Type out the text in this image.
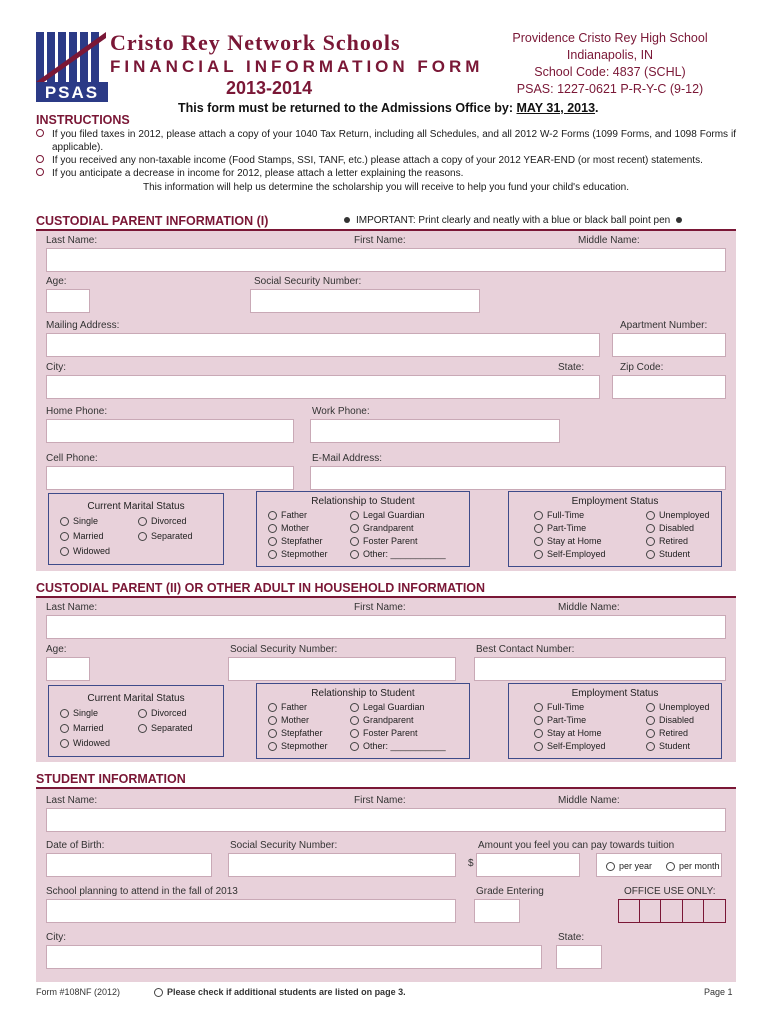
PSAS
Cristo Rey Network Schools
FINANCIAL INFORMATION FORM
2013-2014
Providence Cristo Rey High School
Indianapolis, IN
School Code: 4837 (SCHL)
PSAS: 1227-0621 P-R-Y-C (9-12)
This form must be returned to the Admissions Office by: MAY 31, 2013.
INSTRUCTIONS
If you filed taxes in 2012, please attach a copy of your 1040 Tax Return, including all Schedules, and all 2012 W-2 Forms (1099 Forms, and 1098 Forms if applicable).
If you received any non-taxable income (Food Stamps, SSI, TANF, etc.) please attach a copy of your 2012 YEAR-END (or most recent) statements.
If you anticipate a decrease in income for 2012, please attach a letter explaining the reasons.
This information will help us determine the scholarship you will receive to help you fund your child's education.
CUSTODIAL PARENT INFORMATION (I)	IMPORTANT: Print clearly and neatly with a blue or black ball point pen
Last Name:	First Name:	Middle Name:
Age:	Social Security Number:
Mailing Address:	Apartment Number:
City:	State:	Zip Code:
Home Phone:	Work Phone:
Cell Phone:	E-Mail Address:
Current Marital Status
Single	Divorced
Married	Separated
Widowed
Relationship to Student
Father	Legal Guardian
Mother	Grandparent
Stepfather	Foster Parent
Stepmother	Other: ___________
Employment Status
Full-Time	Unemployed
Part-Time	Disabled
Stay at Home	Retired
Self-Employed	Student
CUSTODIAL PARENT (II) OR OTHER ADULT IN HOUSEHOLD INFORMATION
Last Name:	First Name:	Middle Name:
Age:	Social Security Number:	Best Contact Number:
Current Marital Status
Single	Divorced
Married	Separated
Widowed
Relationship to Student
Father	Legal Guardian
Mother	Grandparent
Stepfather	Foster Parent
Stepmother	Other: ___________
Employment Status
Full-Time	Unemployed
Part-Time	Disabled
Stay at Home	Retired
Self-Employed	Student
STUDENT INFORMATION
Last Name:	First Name:	Middle Name:
Date of Birth:	Social Security Number:	Amount you feel you can pay towards tuition
$	per year	per month
School planning to attend in the fall of 2013	Grade Entering	OFFICE USE ONLY:
City:	State:
Form #108NF (2012)	Please check if additional students are listed on page 3.	Page 1
